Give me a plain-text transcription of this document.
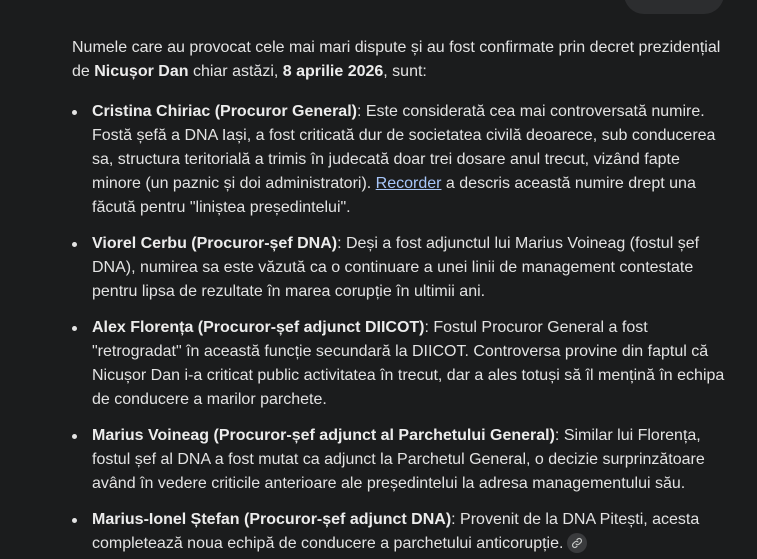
Numele care au provocat cele mai mari dispute și au fost confirmate prin decret prezidențial de Nicușor Dan chiar astăzi, 8 aprilie 2026, sunt:

Cristina Chiriac (Procuror General): Este considerată cea mai controversată numire. Fostă șefă a DNA Iași, a fost criticată dur de societatea civilă deoarece, sub conducerea sa, structura teritorială a trimis în judecată doar trei dosare anul trecut, vizând fapte minore (un paznic și doi administratori). Recorder a descris această numire drept una făcută pentru "liniștea președintelui".
Viorel Cerbu (Procuror-șef DNA): Deși a fost adjunctul lui Marius Voineag (fostul șef DNA), numirea sa este văzută ca o continuare a unei linii de management contestate pentru lipsa de rezultate în marea corupție în ultimii ani.
Alex Florența (Procuror-șef adjunct DIICOT): Fostul Procuror General a fost "retrogradat" în această funcție secundară la DIICOT. Controversa provine din faptul că Nicușor Dan i-a criticat public activitatea în trecut, dar a ales totuși să îl mențină în echipa de conducere a marilor parchete.
Marius Voineag (Procuror-șef adjunct al Parchetului General): Similar lui Florența, fostul șef al DNA a fost mutat ca adjunct la Parchetul General, o decizie surprinzătoare având în vedere criticile anterioare ale președintelui la adresa managementului său.
Marius-Ionel Ștefan (Procuror-șef adjunct DNA): Provenit de la DNA Pitești, acesta completează noua echipă de conducere a parchetului anticorupție.
